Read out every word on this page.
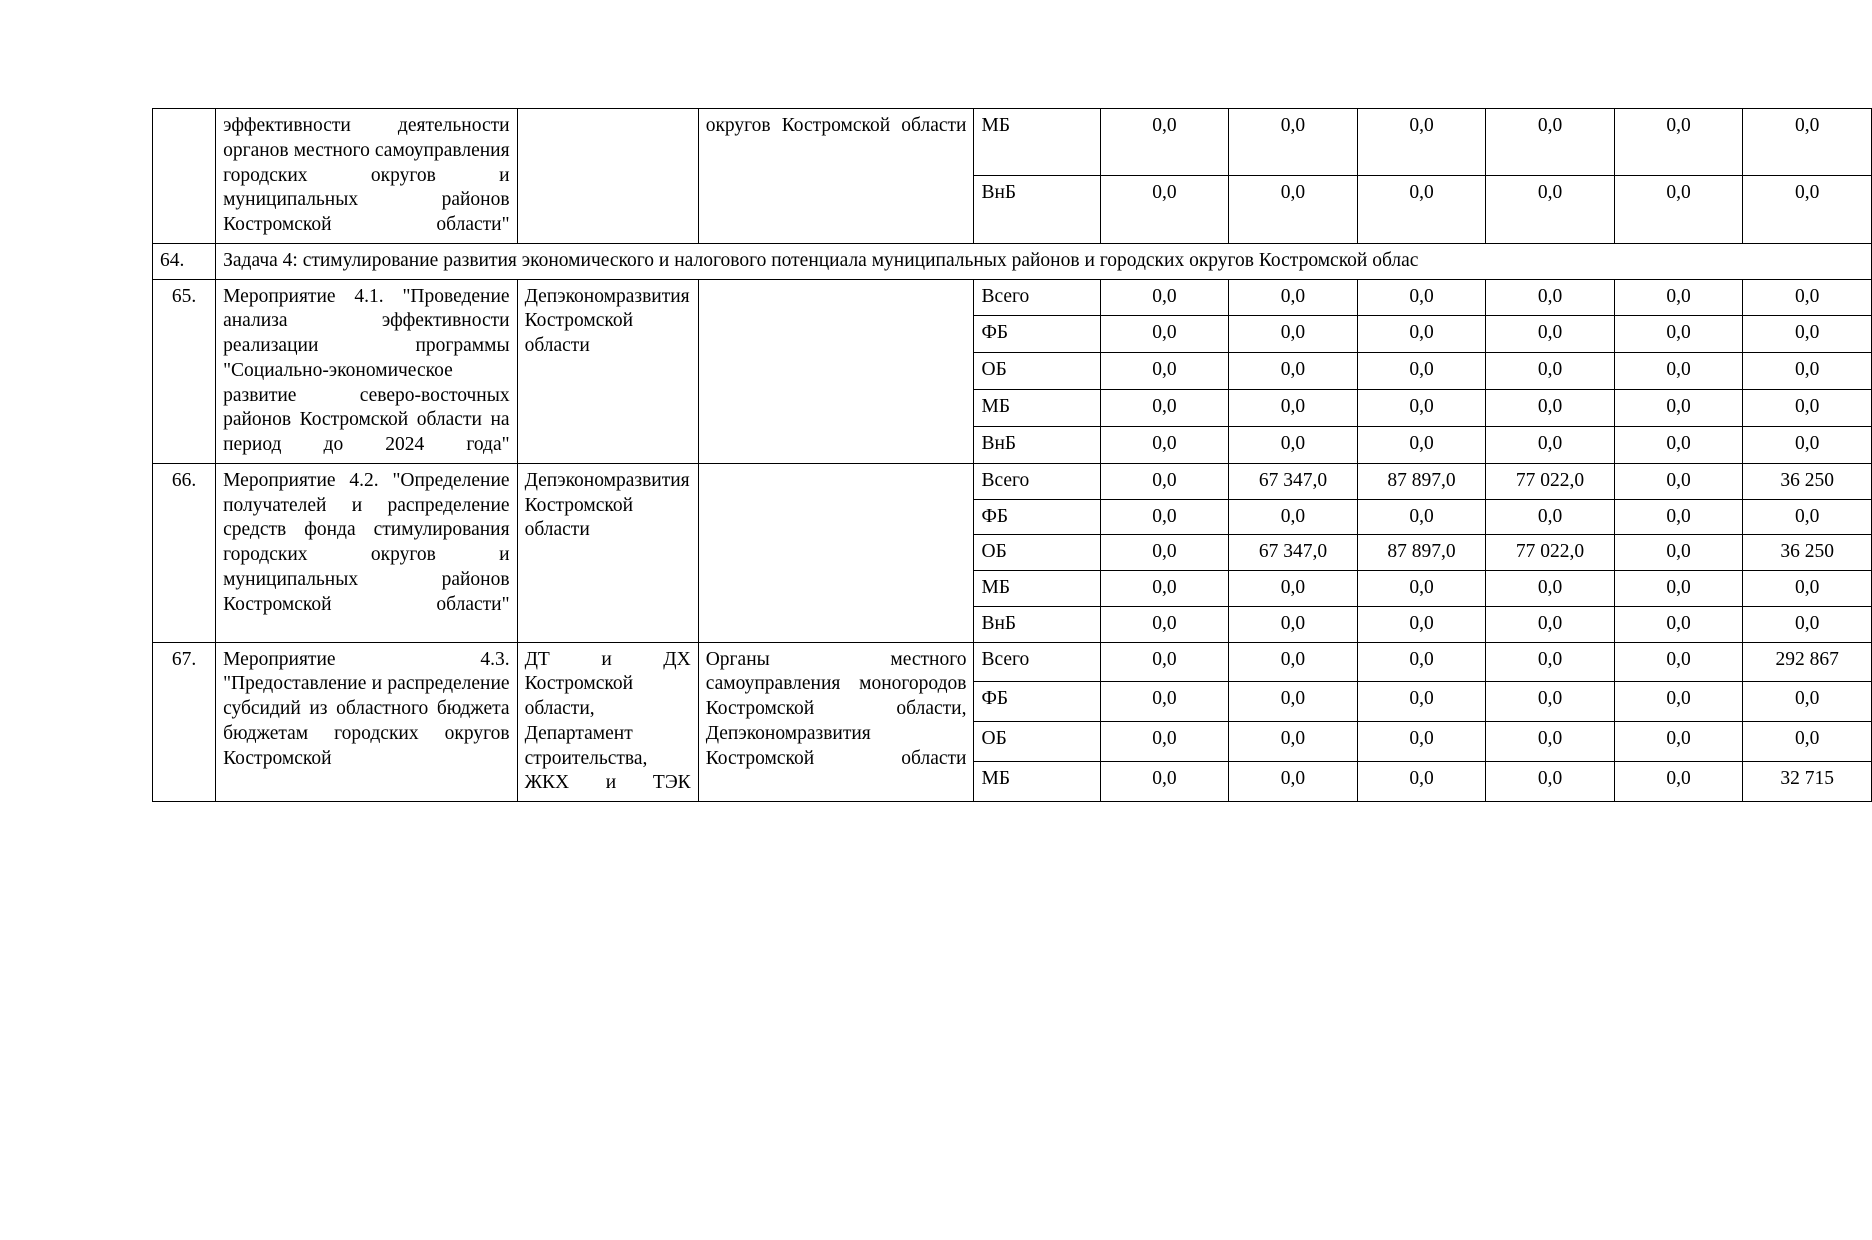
	эффективности деятельности органов местного самоуправления городских округов и муниципальных районов Костромской области"		округов Костромской области	МБ	0,0	0,0	0,0	0,0	0,0	0,0
				ВнБ	0,0	0,0	0,0	0,0	0,0	0,0
64.	Задача 4: стимулирование развития экономического и налогового потенциала муниципальных районов и городских округов Костромской облас									
65.	Мероприятие 4.1. "Проведение анализа эффективности реализации программы "Социально-экономическое развитие северо-восточных районов Костромской области на период до 2024 года"	Депэкономразвития Костромской области		Всего	0,0	0,0	0,0	0,0	0,0	0,0
				ФБ	0,0	0,0	0,0	0,0	0,0	0,0
				ОБ	0,0	0,0	0,0	0,0	0,0	0,0
				МБ	0,0	0,0	0,0	0,0	0,0	0,0
				ВнБ	0,0	0,0	0,0	0,0	0,0	0,0
66.	Мероприятие 4.2. "Определение получателей и распределение средств фонда стимулирования городских округов и муниципальных районов Костромской области"	Депэкономразвития Костромской области		Всего	0,0	67 347,0	87 897,0	77 022,0	0,0	36 250
				ФБ	0,0	0,0	0,0	0,0	0,0	0,0
				ОБ	0,0	67 347,0	87 897,0	77 022,0	0,0	36 250
				МБ	0,0	0,0	0,0	0,0	0,0	0,0
				ВнБ	0,0	0,0	0,0	0,0	0,0	0,0
67.	Мероприятие 4.3. "Предоставление и распределение субсидий из областного бюджета бюджетам городских округов Костромской	ДТ и ДХ Костромской области, Департамент строительства, ЖКХ и ТЭК	Органы местного самоуправления моногородов Костромской области, Депэкономразвития Костромской области	Всего	0,0	0,0	0,0	0,0	0,0	292 867
				ФБ	0,0	0,0	0,0	0,0	0,0	0,0
				ОБ	0,0	0,0	0,0	0,0	0,0	0,0
				МБ	0,0	0,0	0,0	0,0	0,0	32 715
